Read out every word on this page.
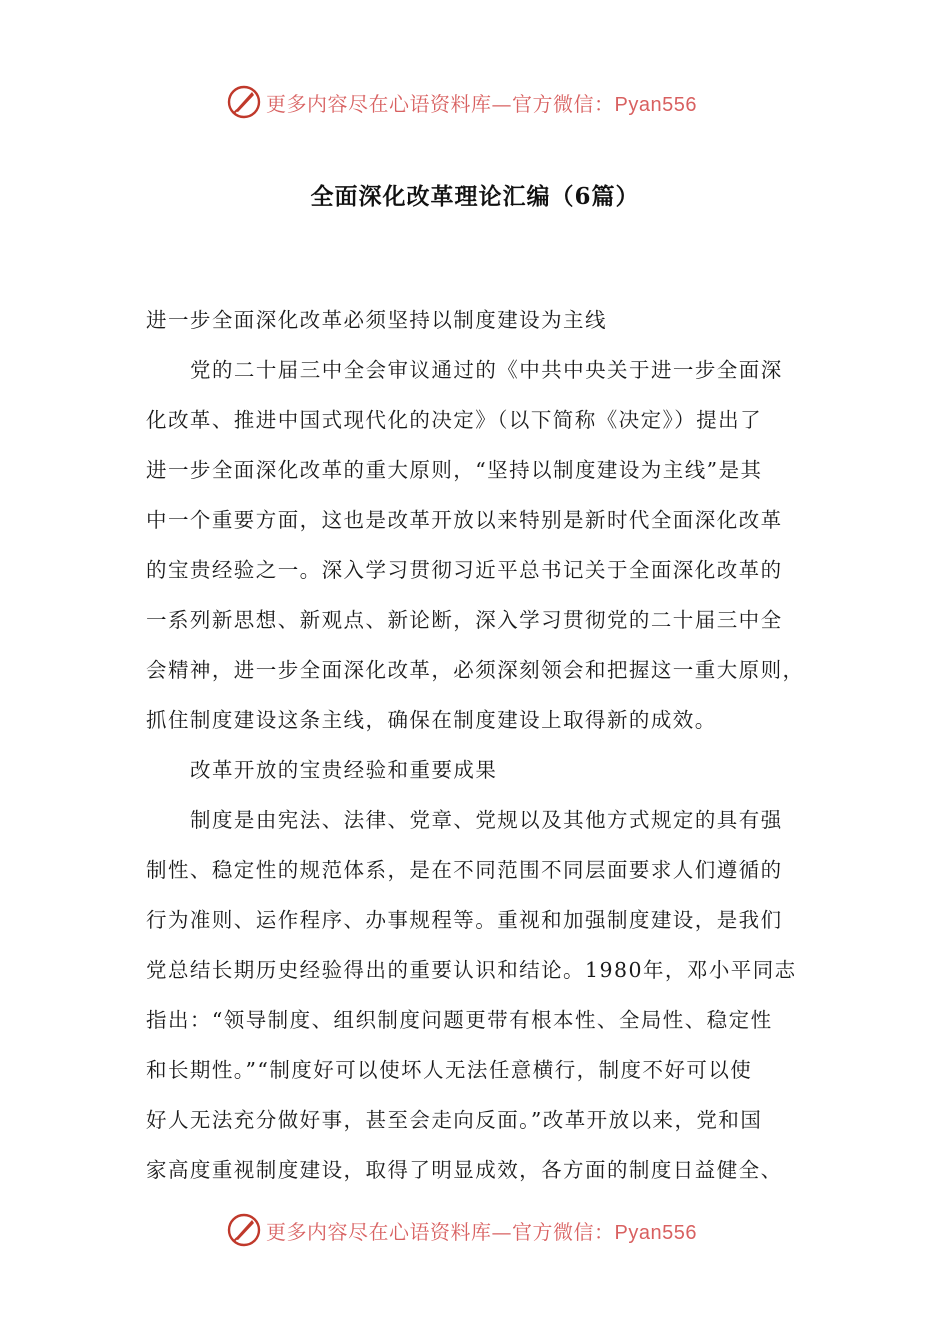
更多内容尽在心语资料库—官方微信：Pyan556
全面深化改革理论汇编（6篇）
进一步全面深化改革必须坚持以制度建设为主线
党的二十届三中全会审议通过的《中共中央关于进一步全面深
化改革、推进中国式现代化的决定》（以下简称《决定》）提出了
进一步全面深化改革的重大原则，“坚持以制度建设为主线”是其
中一个重要方面，这也是改革开放以来特别是新时代全面深化改革
的宝贵经验之一。深入学习贯彻习近平总书记关于全面深化改革的
一系列新思想、新观点、新论断，深入学习贯彻党的二十届三中全
会精神，进一步全面深化改革，必须深刻领会和把握这一重大原则，
抓住制度建设这条主线，确保在制度建设上取得新的成效。
改革开放的宝贵经验和重要成果
制度是由宪法、法律、党章、党规以及其他方式规定的具有强
制性、稳定性的规范体系，是在不同范围不同层面要求人们遵循的
行为准则、运作程序、办事规程等。重视和加强制度建设，是我们
党总结长期历史经验得出的重要认识和结论。1980年，邓小平同志
指出：“领导制度、组织制度问题更带有根本性、全局性、稳定性
和长期性。”“制度好可以使坏人无法任意横行，制度不好可以使
好人无法充分做好事，甚至会走向反面。”改革开放以来，党和国
家高度重视制度建设，取得了明显成效，各方面的制度日益健全、
更多内容尽在心语资料库—官方微信：Pyan556
